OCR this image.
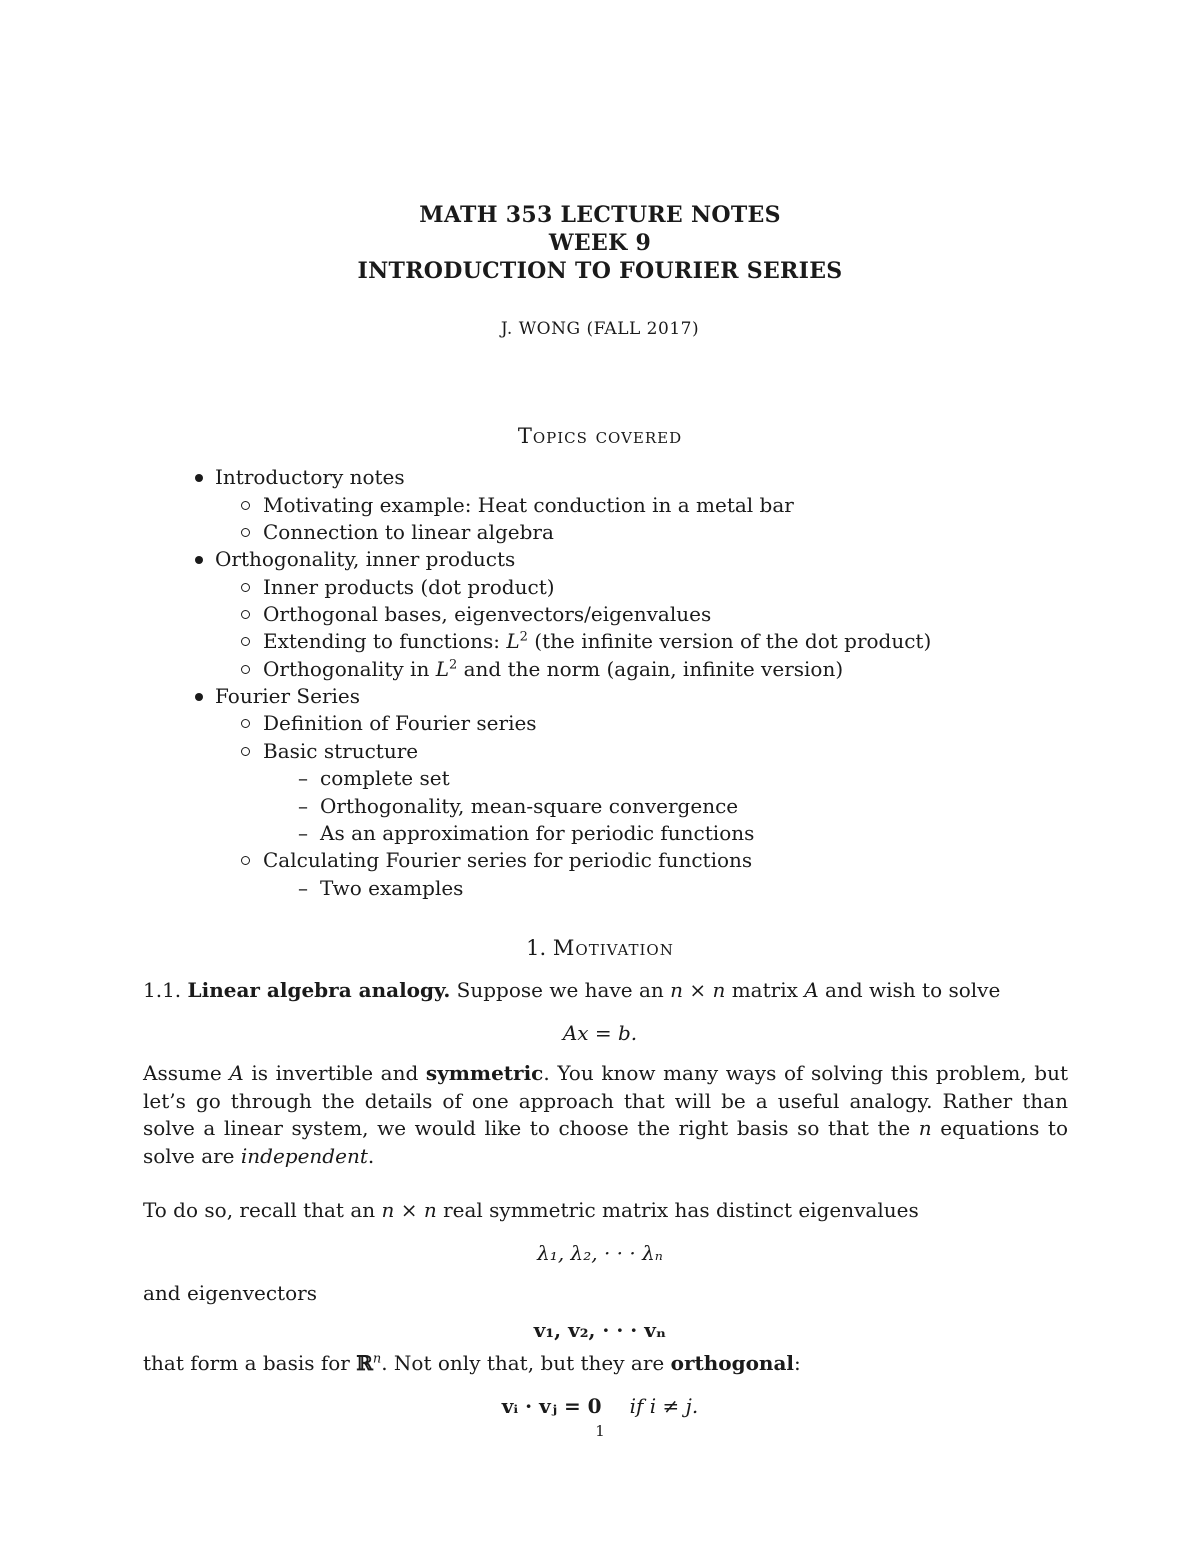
MATH 353 LECTURE NOTES
WEEK 9
INTRODUCTION TO FOURIER SERIES
J. WONG (FALL 2017)
Topics covered
Introductory notes
Motivating example: Heat conduction in a metal bar
Connection to linear algebra
Orthogonality, inner products
Inner products (dot product)
Orthogonal bases, eigenvectors/eigenvalues
Extending to functions: $L^2$ (the infinite version of the dot product)
Orthogonality in $L^2$ and the norm (again, infinite version)
Fourier Series
Definition of Fourier series
Basic structure
– complete set
– Orthogonality, mean-square convergence
– As an approximation for periodic functions
Calculating Fourier series for periodic functions
– Two examples
1. Motivation
1.1. Linear algebra analogy. Suppose we have an n × n matrix A and wish to solve
Ax = b.
Assume A is invertible and symmetric. You know many ways of solving this problem, but let’s go through the details of one approach that will be a useful analogy. Rather than solve a linear system, we would like to choose the right basis so that the n equations to solve are independent.
To do so, recall that an n × n real symmetric matrix has distinct eigenvalues
λ₁, λ₂, · · · λₙ
and eigenvectors
v₁, v₂, · · · vₙ
that form a basis for ℝ$^n$. Not only that, but they are orthogonal:
vᵢ · vⱼ = 0 if i ≠ j.
1
